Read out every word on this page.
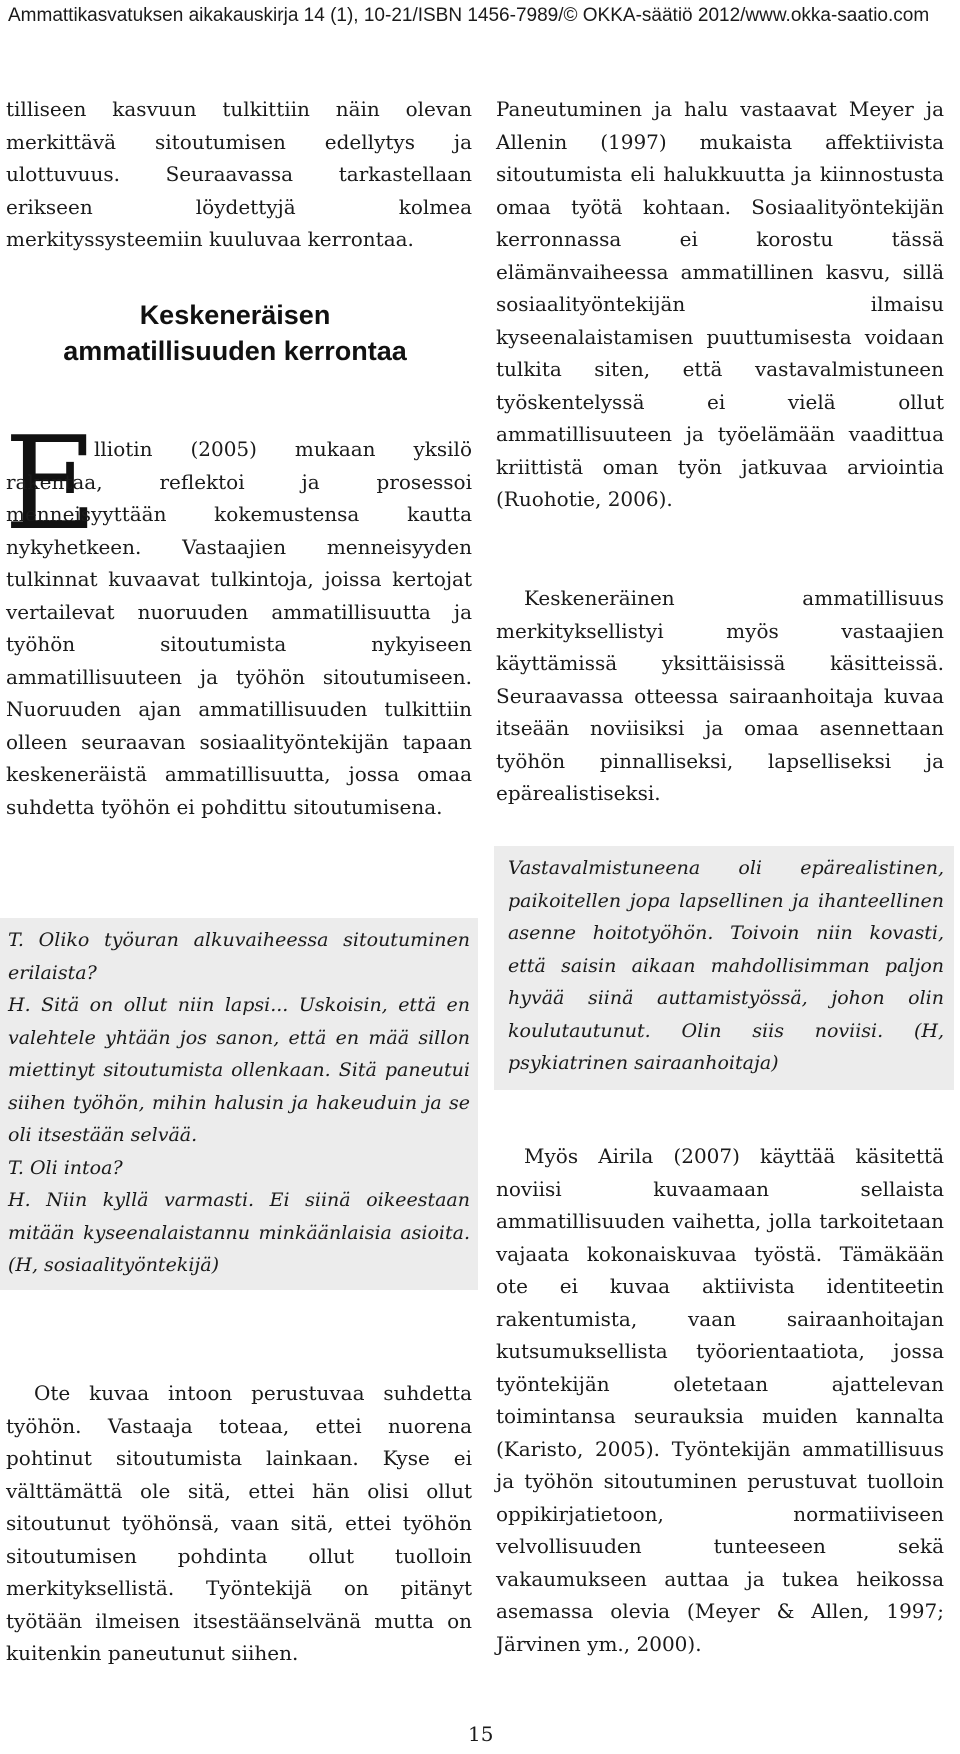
Ammattikasvatuksen aikakauskirja 14 (1), 10-21/ISBN 1456-7989/© OKKA-säätiö 2012/www.okka-saatio.com

tilliseen kasvuun tulkittiin näin olevan merkittävä sitoutumisen edellytys ja ulottuvuus. Seuraavassa tarkastellaan erikseen löydettyjä kolmea merkityssysteemiin kuuluvaa kerrontaa.

Keskeneräisen ammatillisuuden kerrontaa
E

lliotin (2005) mukaan yksilö rakentaa, reflektoi ja prosessoi menneisyyttään kokemustensa kautta nykyhetkeen. Vastaajien menneisyyden tulkinnat kuvaavat tulkintoja, joissa kertojat vertailevat nuoruuden ammatillisuutta ja työhön sitoutumista nykyiseen ammatillisuuteen ja työhön sitoutumiseen. Nuoruuden ajan ammatillisuuden tulkittiin olleen seuraavan sosiaalityöntekijän tapaan keskeneräistä ammatillisuutta, jossa omaa suhdetta työhön ei pohdittu sitoutumisena.

T. Oliko työuran alkuvaiheessa sitoutuminen erilaista?

H. Sitä on ollut niin lapsi... Uskoisin, että en valehtele yhtään jos sanon, että en mää sillon miettinyt sitoutumista ollenkaan. Sitä paneutui siihen työhön, mihin halusin ja hakeuduin ja se oli itsestään selvää.

T. Oli intoa?

H. Niin kyllä varmasti. Ei siinä oikeestaan mitään kyseenalaistannu minkäänlaisia asioita. (H, sosiaalityöntekijä)

Ote kuvaa intoon perustuvaa suhdetta työhön. Vastaaja toteaa, ettei nuorena pohtinut sitoutumista lainkaan. Kyse ei välttämättä ole sitä, ettei hän olisi ollut sitoutunut työhönsä, vaan sitä, ettei työhön sitoutumisen pohdinta ollut tuolloin merkityksellistä. Työntekijä on pitänyt työtään ilmeisen itsestäänselvänä mutta on kuitenkin paneutunut siihen.

Paneutuminen ja halu vastaavat Meyer ja Allenin (1997) mukaista affektiivista sitoutumista eli halukkuutta ja kiinnostusta omaa työtä kohtaan. Sosiaalityöntekijän kerronnassa ei korostu tässä elämänvaiheessa ammatillinen kasvu, sillä sosiaalityöntekijän ilmaisu kyseenalaistamisen puuttumisesta voidaan tulkita siten, että vastavalmistuneen työskentelyssä ei vielä ollut ammatillisuuteen ja työelämään vaadittua kriittistä oman työn jatkuvaa arviointia (Ruohotie, 2006).

Keskeneräinen ammatillisuus merkityksellistyi myös vastaajien käyttämissä yksittäisissä käsitteissä. Seuraavassa otteessa sairaanhoitaja kuvaa itseään noviisiksi ja omaa asennettaan työhön pinnalliseksi, lapselliseksi ja epärealistiseksi.

Vastavalmistuneena oli epärealistinen, paikoitellen jopa lapsellinen ja ihanteellinen asenne hoitotyöhön. Toivoin niin kovasti, että saisin aikaan mahdollisimman paljon hyvää siinä auttamistyössä, johon olin koulutautunut. Olin siis noviisi. (H, psykiatrinen sairaanhoitaja)

Myös Airila (2007) käyttää käsitettä noviisi kuvaamaan sellaista ammatillisuuden vaihetta, jolla tarkoitetaan vajaata kokonaiskuvaa työstä. Tämäkään ote ei kuvaa aktiivista identiteetin rakentumista, vaan sairaanhoitajan kutsumuksellista työorientaatiota, jossa työntekijän oletetaan ajattelevan toimintansa seurauksia muiden kannalta (Karisto, 2005). Työntekijän ammatillisuus ja työhön sitoutuminen perustuvat tuolloin oppikirjatietoon, normatiiviseen velvollisuuden tunteeseen sekä vakaumukseen auttaa ja tukea heikossa asemassa olevia (Meyer & Allen, 1997; Järvinen ym., 2000).

15
